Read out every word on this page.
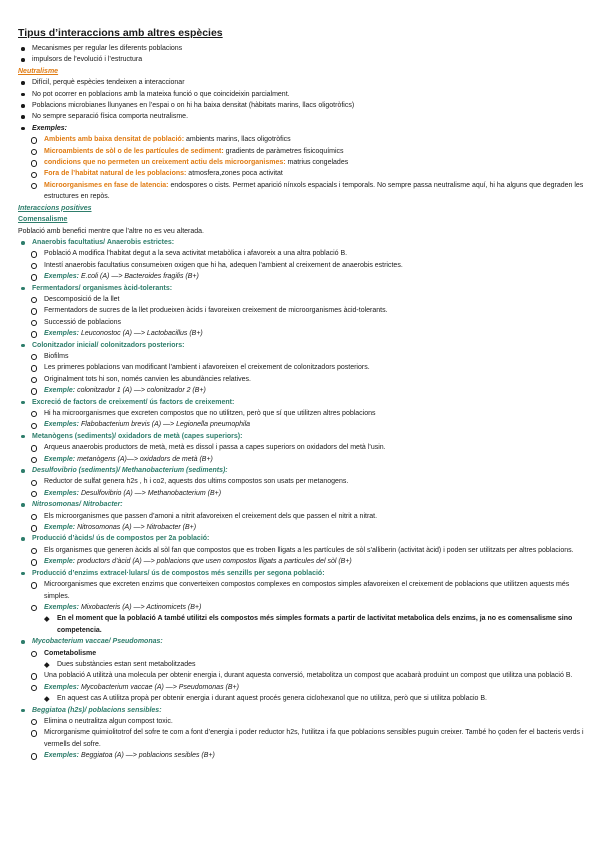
Tipus d’interaccions amb altres espècies
Mecanismes per regular les diferents poblacions
impulsors de l’evolució i l’estructura
Neutralisme
Difícil, perquè espècies tendeixen a interaccionar
No pot ocorrer en poblacions amb la mateixa funció o que coincideixin parcialment.
Poblacions microbianes llunyanes en l’espai o on hi ha baixa densitat (hàbitats marins, llacs oligotròfics)
No sempre separació física comporta neutralisme.
Exemples:
Ambients amb baixa densitat de població: ambients marins, llacs oligotròfics
Microambients de sòl o de les partícules de sediment: gradients de paràmetres fisicoquímics
condicions que no permeten un creixement actiu dels microorganismes: matrius congelades
Fora de l’habitat natural de les poblacions: atmosfera,zones poca activitat
Microorganismes en fase de latencia: endospores o cists. Permet aparició nínxols espacials i temporals. No sempre passa neutralisme aquí, hi ha alguns que degraden les
estructures en repòs.
Interaccions positives
Comensalisme
Població amb benefici mentre que l’altre no es veu alterada.
Anaerobis facultatius/ Anaerobis estrictes:
Població A modifica l’habitat degut a la seva activitat metabòlica i afavoreix a una altra població B.
Intestí anaerobis facultatius consumeixen oxigen que hi ha, adequen l’ambient al creixement de anaerobis estrictes.
Exemples: E.coli (A) —> Bacteroides fragilis (B+)
Fermentadors/ organismes àcid-tolerants:
Descomposició de la llet
Fermentadors de sucres de la llet produeixen àcids i favoreixen creixement de microorganismes àcid-tolerants.
Successió de poblacions
Exemples: Leuconostoc (A) —> Lactobacillus (B+)
Colonitzador inicial/ colonitzadors posteriors:
Biofilms
Les primeres poblacions van modificant l’ambient i afavoreixen el creixement de colonitzadors posteriors.
Originalment tots hi son, només canvien les abundàncies relatives.
Exemple: colonitzador 1 (A) —> colonitzador 2 (B+)
Excreció de factors de creixement/ ús factors de creixement:
Hi ha microorganismes que excreten compostos que no utilitzen, però que sí que utilitzen altres poblacions
Exemples: Flabobacterium brevis (A) —> Legionella pneumophila
Metanògens (sediments)/ oxidadors de metà (capes superiors):
Arqueus anaerobis productors de metà, metà es dissol i passa a capes superiors on oxidadors del metà l’usin.
Exemple: metanògens (A)—> oxidadors de metà (B+)
Desulfovibrio (sediments)/ Methanobacterium (sediments):
Reductor de sulfat genera h2s , h i co2, aquests dos ultims compostos son usats per metanogens.
Exemples: Desulfovibrio (A) —> Methanobacterium (B+)
Nitrosomonas/ Nitrobacter:
Els microorganismes que passen d’amoni a nitrit afavoreixen el creixement dels que passen el nitrit a nitrat.
Exemple: Nitrosomonas (A) —> Nitrobacter (B+)
Producció d’àcids/ ús de compostos per 2a població:
Els organismes que generen àcids al sòl fan que compostos que es troben lligats a les partícules de sòl s’alliberin (activitat àcid) i poden ser utilitzats per altres poblacions.
Exemple: productors d’àcid (A) —> poblacions que usen compostos lligats a particules del sòl (B+)
Producció d’enzims extracel·lulars/ ús de compostos més senzills per segona població:
Microorganismes que excreten enzims que converteixen compostos complexes en compostos simples afavoreixen el creixement de poblacions que utilitzen aquests més
simples.
Exemples: Mixobacteris (A) —> Actinomicets (B+)
En el moment que la població A també utilitzi els compostos més simples formats a partir de lactivitat metabolica dels enzims, ja no es comensalisme sino
competencia.
Mycobacterium vaccae/ Pseudomonas:
Cometabolisme
Dues substàncies estan sent metabolitzades
Una població A utilitzà una molecula per obtenir energia i, durant aquesta conversió, metabolitza un compost que acabarà produint un compost que utilitza una població B.
Exemples: Mycobacterium vaccae (A) —> Pseudomonas (B+)
En aquest cas A utilitza propà per obtenir energia i durant aquest procés genera ciclohexanol que no utilitza, però que si utilitza poblacio B.
Beggiatoa (h2s)/ poblacions sensibles:
Elimina o neutralitza algun compost toxic.
Microrganisme quimiolitotrof del sofre te com a font d’energia i poder reductor h2s, l’utilitza i fa que poblacions sensibles puguin creixer. També ho çoden fer el bacteris verds i
vermells del sofre.
Exemples: Beggiatoa (A) —> poblacions sesibles (B+)
